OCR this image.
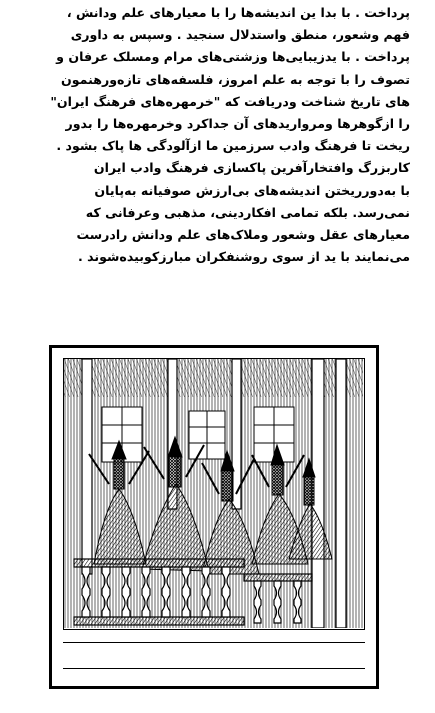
پرداخت . با بدا ین اندیشه‌ها را با معیارهای علم ودانش ،
فهم وشعور، منطق واستدلال سنجید . وسپس به داوری
پرداخت . با یدزیبایی‌ها وزشتی‌های مرام ومسلک عرفان و
تصوف را با توجه به علم امروز، فلسفه‌های تازه‌ورهنمون‌
های تاریخ شناخت ودریافت که "خرمهره‌های فرهنگ ایران"
را ازگوهرها ومرواریدهای آن جداکرد وخرمهره‌ها را بدور
ریخت تا فرهنگ وادب سرزمین ما ازآلودگی ها پاک بشود .
کاربزرگ وافتخارآفرین پاکسازی فرهنگ وادب ایران
با به‌دورریختن اندیشه‌های بی‌ارزش صوفیانه به‌پایان
نمی‌رسد. بلکه تمامی افکاردینی، مذهبی وعرفانی که
معیارهای عقل وشعور وملاک‌های علم ودانش رادرست
می‌نمایند با ید از سوی روشنفکران مبارزکوبیده‌شوند .
